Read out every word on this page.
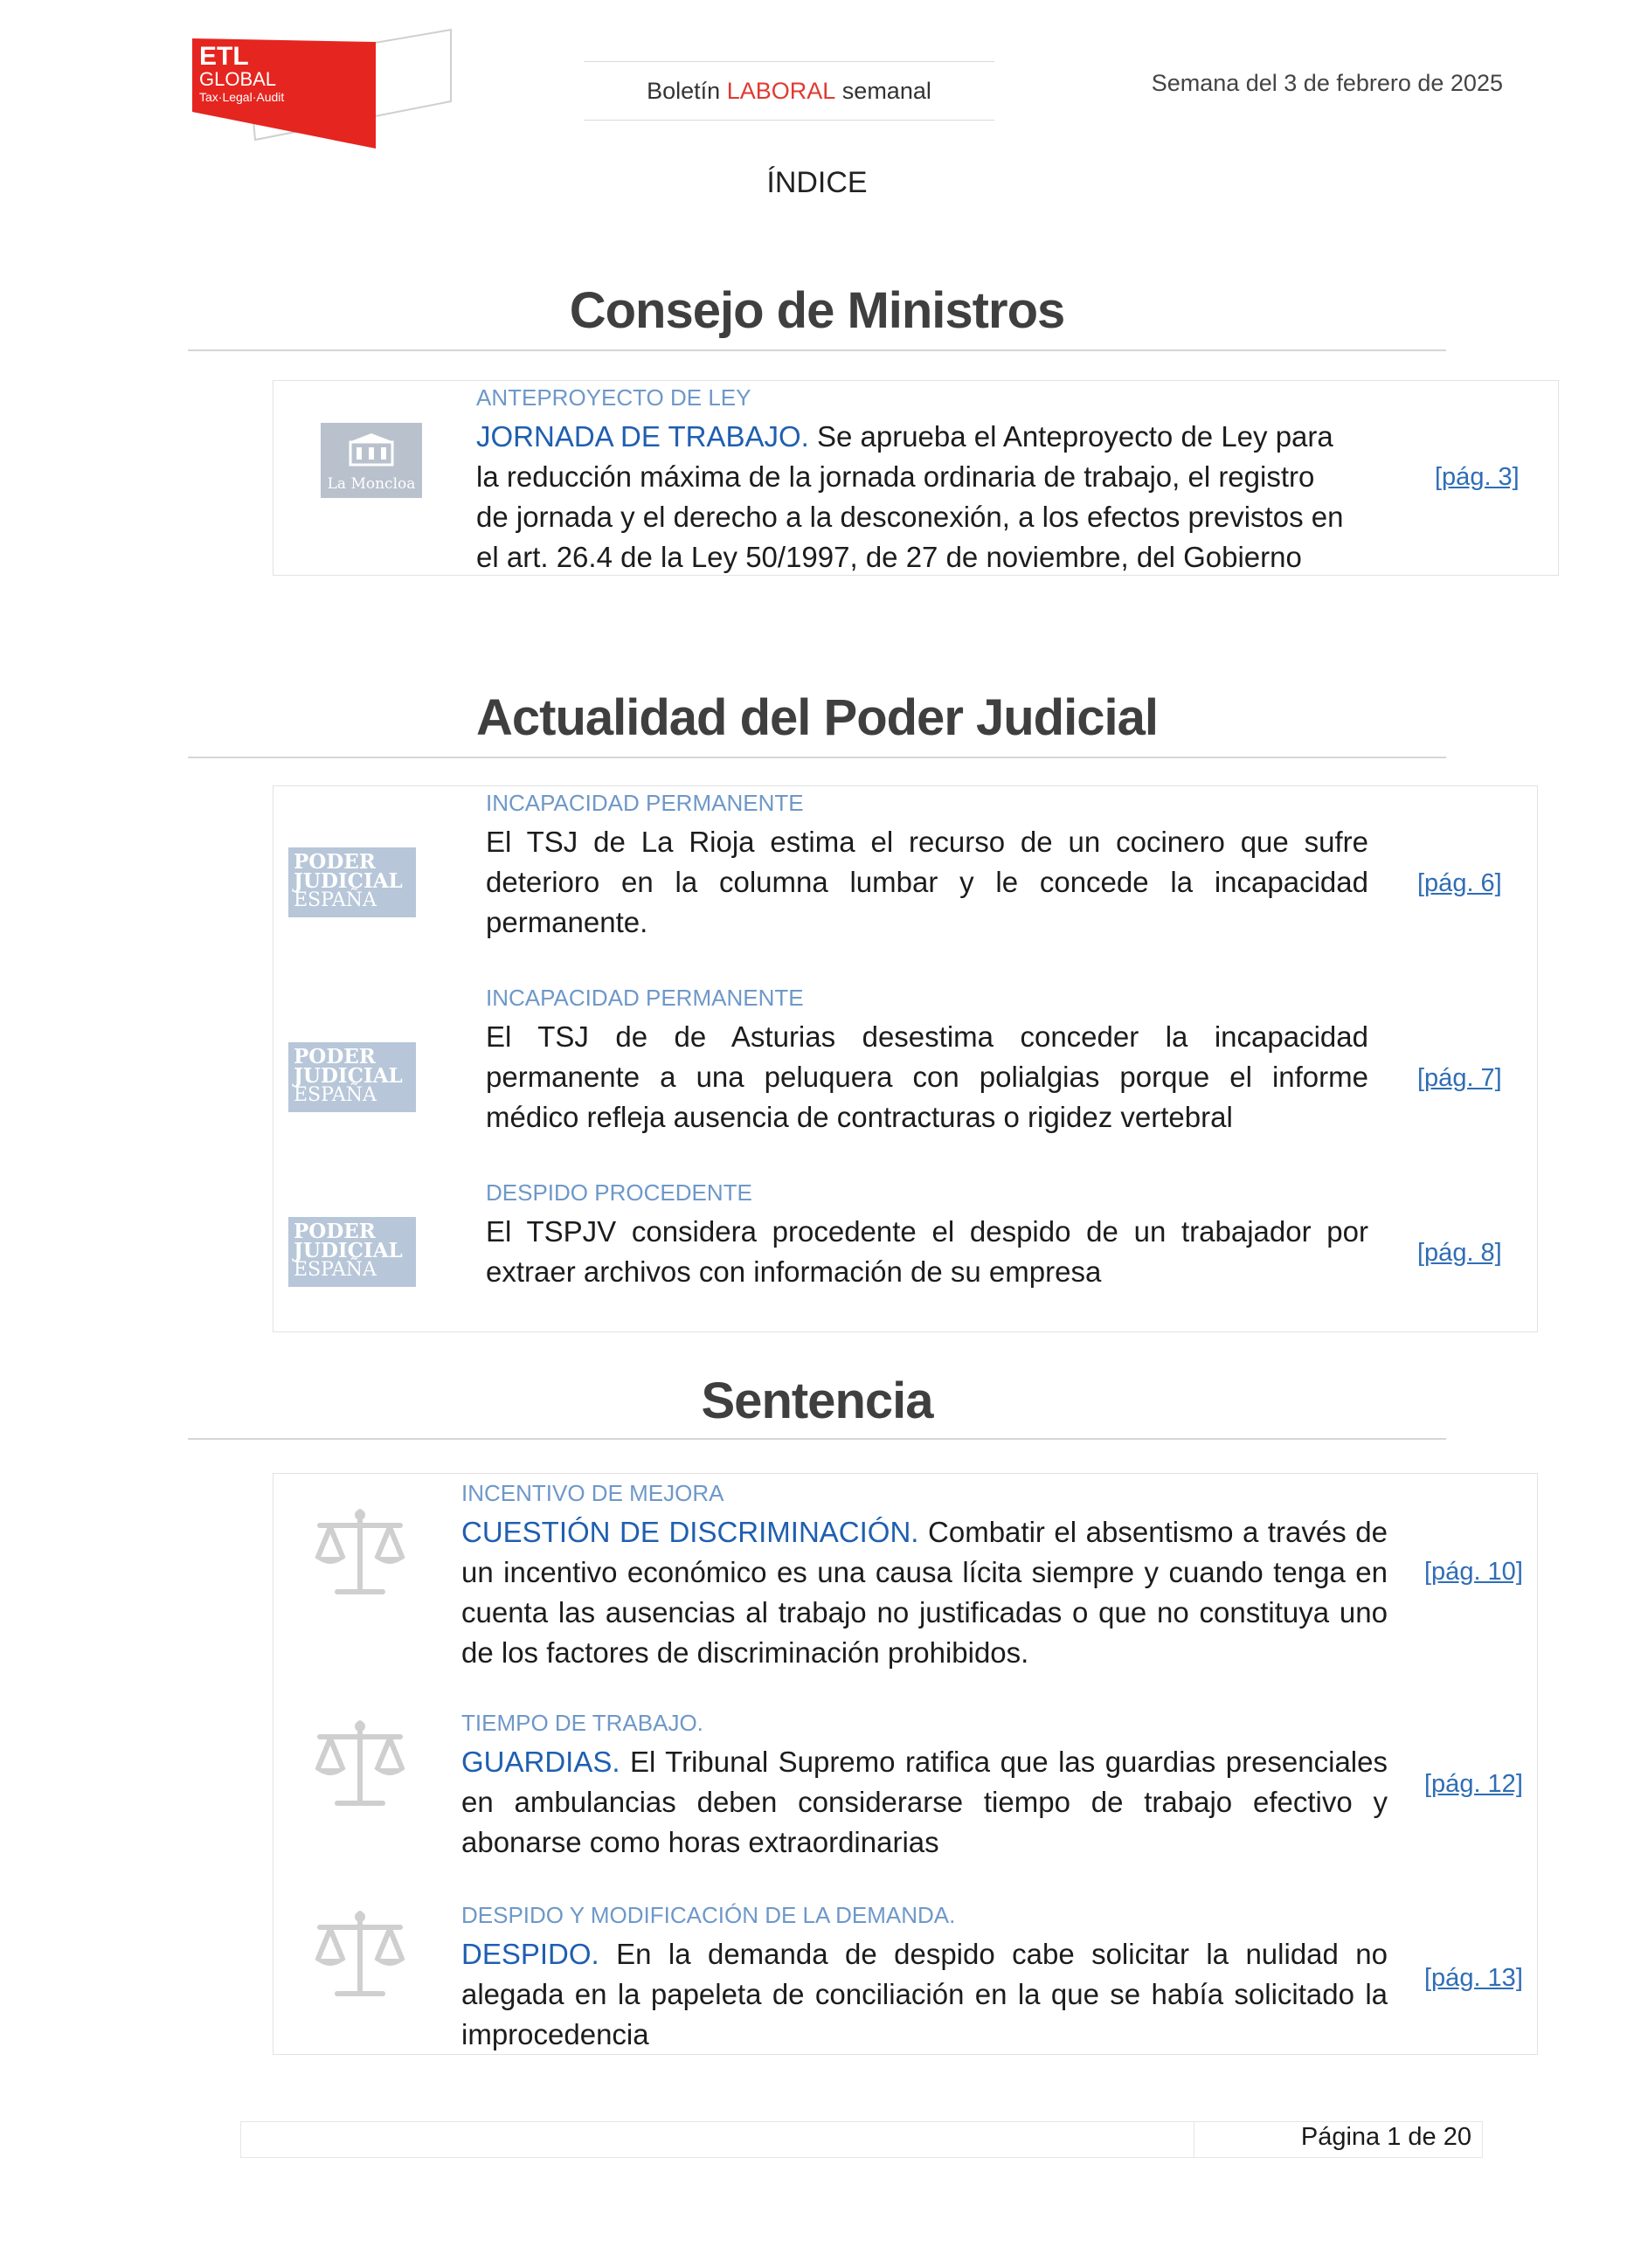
ETL
GLOBAL
Tax·Legal·Audit	Boletín
LABORAL
semanal	Semana del 3 de febrero de 2025
ÍNDICE
Consejo de Ministros
La Moncloa
ANTEPROYECTO DE LEY
JORNADA DE TRABAJO. Se aprueba el Anteproyecto de Ley para la reducción máxima de la jornada ordinaria de trabajo, el registro de jornada y el derecho a la desconexión, a los efectos previstos en el art. 26.4 de la Ley 50/1997, de 27 de noviembre, del Gobierno
[pág. 3]
Actualidad del Poder Judicial
PODER
JUDICIAL
ESPAÑA
INCAPACIDAD PERMANENTE
El TSJ de La Rioja estima el recurso de un cocinero que sufre deterioro en la columna lumbar y le concede la incapacidad permanente.
[pág. 6]
PODER
JUDICIAL
ESPAÑA
INCAPACIDAD PERMANENTE
El TSJ de de Asturias desestima conceder la incapacidad permanente a una peluquera con polialgias porque el informe médico refleja ausencia de contracturas o rigidez vertebral
[pág. 7]
PODER
JUDICIAL
ESPAÑA
DESPIDO PROCEDENTE
El TSPJV considera procedente el despido de un trabajador por extraer archivos con información de su empresa
[pág. 8]
Sentencia
INCENTIVO DE MEJORA
CUESTIÓN DE DISCRIMINACIÓN. Combatir el absentismo a través de un incentivo económico es una causa lícita siempre y cuando tenga en cuenta las ausencias al trabajo no justificadas o que no constituya uno de los factores de discriminación prohibidos.
[pág. 10]
TIEMPO DE TRABAJO.
GUARDIAS. El Tribunal Supremo ratifica que las guardias presenciales en ambulancias deben considerarse tiempo de trabajo efectivo y abonarse como horas extraordinarias
[pág. 12]
DESPIDO Y MODIFICACIÓN DE LA DEMANDA.
DESPIDO. En la demanda de despido cabe solicitar la nulidad no alegada en la papeleta de conciliación en la que se había solicitado la improcedencia
[pág. 13]
Página 1 de 20
